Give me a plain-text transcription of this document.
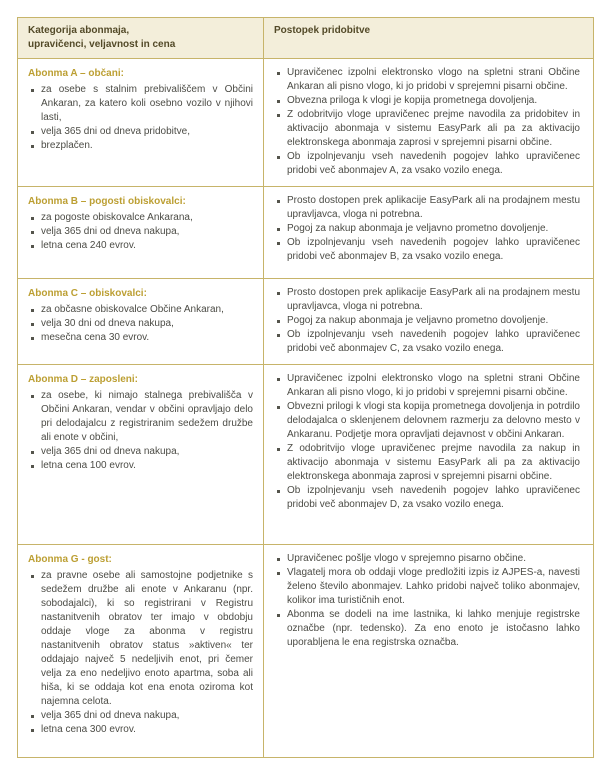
Kategorija abonmaja,
upravičenci, veljavnost in cena
Postopek pridobitve
Abonma A – občani:
za osebe s stalnim prebivališčem v Občini Ankaran, za katero koli osebno vozilo v njihovi lasti,
velja 365 dni od dneva pridobitve,
brezplačen.
Upravičenec izpolni elektronsko vlogo na spletni strani Občine Ankaran ali pisno vlogo, ki jo pridobi v sprejemni pisarni občine.
Obvezna priloga k vlogi je kopija prometnega dovoljenja.
Z odobritvijo vloge upravičenec prejme navodila za pridobitev in aktivacijo abonmaja v sistemu EasyPark ali pa za aktivacijo elektronskega abonmaja zaprosi v sprejemni pisarni občine.
Ob izpolnjevanju vseh navedenih pogojev lahko upravičenec pridobi več abonmajev A, za vsako vozilo enega.
Abonma B – pogosti obiskovalci:
za pogoste obiskovalce Ankarana,
velja 365 dni od dneva nakupa,
letna cena 240 evrov.
Prosto dostopen prek aplikacije EasyPark ali na prodajnem mestu upravljavca, vloga ni potrebna.
Pogoj za nakup abonmaja je veljavno prometno dovoljenje.
Ob izpolnjevanju vseh navedenih pogojev lahko upravičenec pridobi več abonmajev B, za vsako vozilo enega.
Abonma C – obiskovalci:
za občasne obiskovalce Občine Ankaran,
velja 30 dni od dneva nakupa,
mesečna cena 30 evrov.
Prosto dostopen prek aplikacije EasyPark ali na prodajnem mestu upravljavca, vloga ni potrebna.
Pogoj za nakup abonmaja je veljavno prometno dovoljenje.
Ob izpolnjevanju vseh navedenih pogojev lahko upravičenec pridobi več abonmajev C, za vsako vozilo enega.
Abonma D – zaposleni:
za osebe, ki nimajo stalnega prebivališča v Občini Ankaran, vendar v občini opravljajo delo pri delodajalcu z registriranim sedežem družbe ali enote v občini,
velja 365 dni od dneva nakupa,
letna cena 100 evrov.
Upravičenec izpolni elektronsko vlogo na spletni strani Občine Ankaran ali pisno vlogo, ki jo pridobi v sprejemni pisarni občine.
Obvezni prilogi k vlogi sta kopija prometnega dovoljenja in potrdilo delodajalca o sklenjenem delovnem razmerju za delovno mesto v Ankaranu. Podjetje mora opravljati dejavnost v občini Ankaran.
Z odobritvijo vloge upravičenec prejme navodila za nakup in aktivacijo abonmaja v sistemu EasyPark ali pa za aktivacijo elektronskega abonmaja zaprosi v sprejemni pisarni občine.
Ob izpolnjevanju vseh navedenih pogojev lahko upravičenec pridobi več abonmajev D, za vsako vozilo enega.
Abonma G - gost:
za pravne osebe ali samostojne podjetnike s sedežem družbe ali enote v Ankaranu (npr. sobodajalci), ki so registrirani v Registru nastanitvenih obratov ter imajo v obdobju oddaje vloge za abonma v registru nastanitvenih obratov status »aktiven« ter oddajajo največ 5 nedeljivih enot, pri čemer velja za eno nedeljivo enoto apartma, soba ali hiša, ki se oddaja kot ena enota oziroma kot najemna celota.
velja 365 dni od dneva nakupa,
letna cena 300 evrov.
Upravičenec pošlje vlogo v sprejemno pisarno občine.
Vlagatelj mora ob oddaji vloge predložiti izpis iz AJPES-a, navesti želeno število abonmajev. Lahko pridobi največ toliko abonmajev, kolikor ima turističnih enot.
Abonma se dodeli na ime lastnika, ki lahko menjuje registrske označbe (npr. tedensko). Za eno enoto je istočasno lahko uporabljena le ena registrska označba.
